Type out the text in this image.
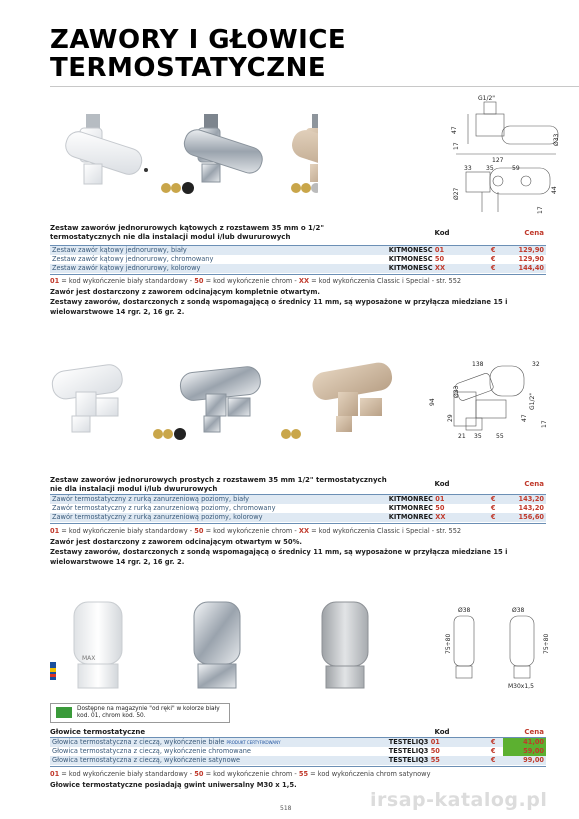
ZAWORY I GŁOWICE
TERMOSTATYCZNE
G1/2"
47
17
Ø33
127
33 35	59
Ø27
17
44
Zestaw zaworów jednorurowych kątowych z rozstawem 35 mm o 1/2" termostatycznych nie dla instalacji modul i/lub dwururowych	Kod	Cena
Zestaw zawór kątowy jednorurowy, biały	KITMONESC 01	€	129,90
Zestaw zawór kątowy jednorurowy, chromowany	KITMONESC 50	€	129,90
Zestaw zawór kątowy jednorurowy, kolorowy	KITMONESC XX	€	144,40
01 = kod wykończenie biały standardowy - 50 = kod wykończenie chrom - XX = kod wykończenia Classic i Special - str. 552
Zawór jest dostarczony z zaworem odcinającym kompletnie otwartym.
Zestawy zaworów, dostarczonych z sondą wspomagającą o średnicy 11 mm, są wyposażone w przyłącza miedziane 15 i wielowarstwowe 14 rgr. 2, 16 gr. 2.
138	32
94
Ø33
G1/2"
47
29
17
21 35 55
Zestaw zaworów jednorurowych prostych z rozstawem 35 mm 1/2" termostatycznych nie dla instalacji modul i/lub dwururowych
Kod	Cena
Zawór termostatyczny z rurką zanurzeniową poziomy, biały	KITMONREC 01	€	143,20
Zawór termostatyczny z rurką zanurzeniową poziomy, chromowany	KITMONREC 50	€	143,20
Zawór termostatyczny z rurką zanurzeniową poziomy, kolorowy	KITMONREC XX	€	156,60
01 = kod wykończenie biały standardowy - 50 = kod wykończenie chrom - XX = kod wykończenia Classic i Special - str. 552
Zawór jest dostarczony z zaworem odcinającym otwartym w 50%.
Zestawy zaworów, dostarczonych z sondą wspomagającą o średnicy 11 mm, są wyposażone w przyłącza miedziane 15 i wielowarstwowe 14 rgr. 2, 16 gr. 2.
MAX
Ø38	Ø38
75÷80	75÷80
M30x1,5
Dostępne na magazynie "od ręki" w kolorze biały kod. 01, chrom kod. 50.
Głowice termostatyczne	Kod	Cena
Głowica termostatyczna z cieczą, wykończenie białe PRODUKT CERTYFIKOWANY	TESTELIQ3 01	€	41,00
Głowica termostatyczna z cieczą, wykończenie chromowane	TESTELIQ3 50	€	59,00
Głowica termostatyczna z cieczą, wykończenie satynowe	TESTELIQ3 55	€	99,00
01 = kod wykończenie biały standardowy - 50 = kod wykończenie chrom - 55 = kod wykończenia chrom satynowy
Głowice termostatyczne posiadają gwint uniwersalny M30 x 1,5.
518	irsap-katalog.pl
